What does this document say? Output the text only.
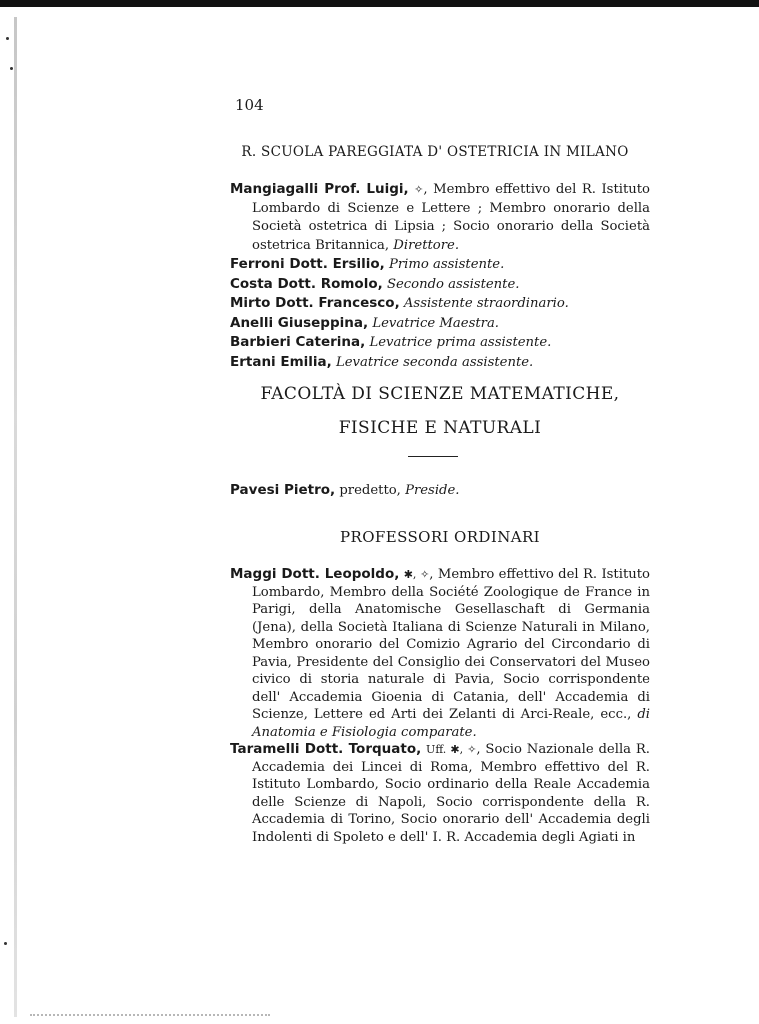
104
R. SCUOLA PAREGGIATA D' OSTETRICIA IN MILANO
Mangiagalli Prof. Luigi, ✧, Membro effettivo del R. Istituto Lombardo di Scienze e Lettere ; Membro onorario della Società ostetrica di Lipsia ; Socio onorario della Società ostetrica Britannica, Direttore.
Ferroni Dott. Ersilio, Primo assistente.
Costa Dott. Romolo, Secondo assistente.
Mirto Dott. Francesco, Assistente straordinario.
Anelli Giuseppina, Levatrice Maestra.
Barbieri Caterina, Levatrice prima assistente.
Ertani Emilia, Levatrice seconda assistente.
FACOLTÀ DI SCIENZE MATEMATICHE,
FISICHE E NATURALI
Pavesi Pietro, predetto, Preside.
PROFESSORI ORDINARI
Maggi Dott. Leopoldo, ✱, ✧, Membro effettivo del R. Istituto Lombardo, Membro della Société Zoologique de France in Parigi, della Anatomische Gesellaschaft di Germania (Jena), della Società Italiana di Scienze Naturali in Milano, Membro onorario del Comizio Agrario del Circondario di Pavia, Presidente del Consiglio dei Conservatori del Museo civico di storia naturale di Pavia, Socio corrispondente dell' Accademia Gioenia di Catania, dell' Accademia di Scienze, Lettere ed Arti dei Zelanti di Arci-Reale, ecc., di Anatomia e Fisiologia comparate.
Taramelli Dott. Torquato, Uff. ✱, ✧, Socio Nazionale della R. Accademia dei Lincei di Roma, Membro effettivo del R. Istituto Lombardo, Socio ordinario della Reale Accademia delle Scienze di Napoli, Socio corrispondente della R. Accademia di Torino, Socio onorario dell' Accademia degli Indolenti di Spoleto e dell' I. R. Accademia degli Agiati in
